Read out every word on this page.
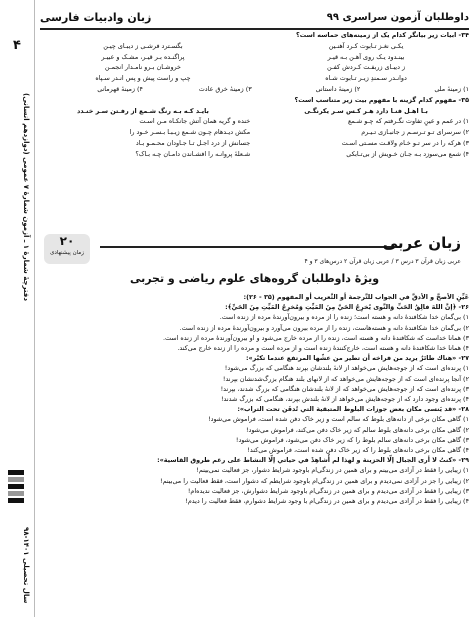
۴
دفترچهٔ شمارهٔ ۱ ـ آزمون شمارهٔ ۷ عمومی (دوازدهم انسانی)
سال تحصیلی ۱۴۰۱-۹۸
داوطلبان آزمون سراسری ۹۹
زبان وادبیات فارسی
۳۴- ابیات زیر بیانگر کدام یک از زمینه‌های حماسه است؟
یکـی نغـز تـابوت کـرد آهنـین
بگسـترد فرشـی ز دیبـای چیـن
بینـدود یـک روی آهـن بـه قیـر
پراگنـده بـر قیـر، مشـک و عبیـر
ز دیبـای زربفـت کـردش کفـن
خروشـان بـرو نامـدار انجمـن
دوانـدر سـمندِ زیـر تـابوت شـاه
چپ و راست پیش و پس انـدر سـپاه
۱) زمینهٔ ملی
۲) زمینهٔ داستانی
۳) زمینهٔ خرق عادت
۴) زمینهٔ قهرمانی
۳۵- مفهوم کدام گزینه با مفهوم بیت زیر متناسب است؟
بـا اهـل فنـا دارد هـر کـس سـر یکرنگـی
بایـد کـه بـه رنگ شـمع از رفـتن سـر خنـدد
۱) در غمم و عینِ تفاوت نگـرفتم که چـو شـمع
خنده و گریه همان آتش جانکـاه مـن اسـت
۲) سرسرای تـو تـرسـم ز جانبـازی تـیـرم
مکش دیـدهام چـون شـمع زیـبـا بـسـر خـود را
۳) هرکه را در سر تـو خـام ولاقـت مسـتی اسـت
جسانش از درد اجـل تـا جـاودان محـمـو بـاد
۴) شمع می‌سوزد بـه جـان خـویش از بی‌تـابکی
شـعلهٔ پروانـه را افشـاندن دامـان چـه بـاک؟
۲۰
زمان پیشنهادی
زبان عربی
عربی زبان قرآن ۳ درس ۳ / عربی زبان قرآن ۲ درس‌های ۳ و ۴
ویژهٔ داوطلبان گروه‌های علوم ریاضی و تجربی
عَیِّنِ الأصحَّ و الأدقَّ في الجواب للتَّرجمة أو التَّعریب أو المفهوم (۳۵ - ۲۶):
۲۶- ﴿إنَّ اللهَ فالِقُ الحَبِّ وَالنَّوى يُخرِجُ الحَيَّ مِنَ المَيِّتِ وَمُخرِجُ المَيِّتِ مِنَ الحَيِّ﴾:
۱) بی‌گمان خدا شکافندهٔ دانه و هسته است؛ زنده را از مرده و بیرون‌آورندهٔ مرده از زنده است.
۲) بی‌گمان خدا شکافندهٔ دانه و هسته‌هاست، زنده را از مرده بیرون می‌آورد و بیرون‌آورندهٔ مرده از زنده است.
۳) همانا خداست که شکافندهٔ دانه و هسته است، زنده را از مرده خارج می‌شود و او بیرون‌آورندهٔ مرده از زنده است.
۴) همانا خدا شکافندهٔ دانه و هسته است، خارج‌کنندهٔ زنده است و از مرده است و مرده را از زنده خارج می‌کند.
۲۷- «هناك طائرٌ يريد من فراخه أن تطير من عشّها المرتفع عندما تكبُر»:
۱) پرنده‌ای است که از جوجه‌هایش می‌خواهد از لانهٔ بلندشان بپرند هنگامی که بزرگ می‌شود!
۲) آنجا پرنده‌ای است که از جوجه‌هایش می‌خواهد که از لانهای بلند هنگام بزرگ‌شدنشان بپرند!
۳) پرنده‌ای است که از جوجه‌هایش می‌خواهد که از لانهٔ بلندشان هنگامی که بزرگ شدند، بپرند!
۴) پرنده‌ای وجود دارد که از جوجه‌هایش می‌خواهد از لانهٔ بلندش بپرند، هنگامی که بزرگ شدند!
۲۸- «قد يَنسى مكان بعض جوزات البلوط المتبقية التي تُدفَن تحت التراب»:
۱) گاهی مکان برخی از دانه‌های بلوط که سالم است و زیر خاک دفن شده است، فراموش می‌شود!
۲) گاهی مکان برخی دانه‌های بلوط سالم که زیر خاک دفن می‌کند، فراموش می‌شود!
۳) گاهی مکان برخی دانه‌های سالم بلوط را که زیر خاک دفن می‌شود، فراموش می‌شود!
۴) گاهی مکان برخی دانه‌های بلوط را که زیر خاک دفن شده است، فراموش می‌کند!
۲۹- «كنتُ لا أرى الجبال إلّا الحزينة و لهذا لم أُشاهِدْ في حياتي إلّا النشاط على رغم طروق القاسية»:
۱) زیبایی را فقط در آزادی می‌بینم و برای همین در زندگی‌ام باوجود شرایط دشوار، جز فعالیت نمی‌بینم!
۲) زیبایی را جز در آزادی نمی‌دیدم و برای همین در زندگی‌ام باوجود شرایطم که دشوار است، فقط فعالیت را می‌بینم!
۳) زیبایی را فقط در آزادی می‌دیدم و برای همین در زندگی‌ام باوجود شرایط دشوارش، جز فعالیت ندیده‌ام!
۴) زیبایی را فقط در آزادی می‌دیدم و برای همین در زندگی‌ام با وجود شرایط دشوارم، فقط فعالیت را دیدم!
